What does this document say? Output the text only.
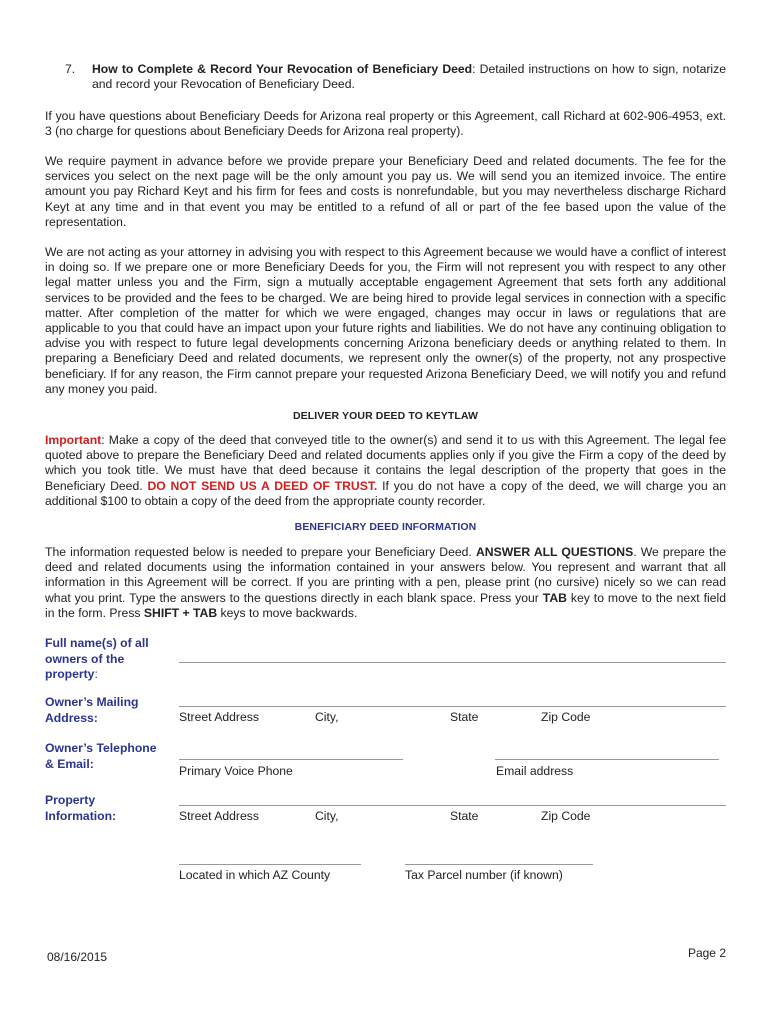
7. How to Complete & Record Your Revocation of Beneficiary Deed: Detailed instructions on how to sign, notarize and record your Revocation of Beneficiary Deed.

If you have questions about Beneficiary Deeds for Arizona real property or this Agreement, call Richard at 602-906-4953, ext. 3 (no charge for questions about Beneficiary Deeds for Arizona real property).

We require payment in advance before we provide prepare your Beneficiary Deed and related documents. The fee for the services you select on the next page will be the only amount you pay us. We will send you an itemized invoice. The entire amount you pay Richard Keyt and his firm for fees and costs is nonrefundable, but you may nevertheless discharge Richard Keyt at any time and in that event you may be entitled to a refund of all or part of the fee based upon the value of the representation.

We are not acting as your attorney in advising you with respect to this Agreement because we would have a conflict of interest in doing so. If we prepare one or more Beneficiary Deeds for you, the Firm will not represent you with respect to any other legal matter unless you and the Firm, sign a mutually acceptable engagement Agreement that sets forth any additional services to be provided and the fees to be charged. We are being hired to provide legal services in connection with a specific matter. After completion of the matter for which we were engaged, changes may occur in laws or regulations that are applicable to you that could have an impact upon your future rights and liabilities. We do not have any continuing obligation to advise you with respect to future legal developments concerning Arizona beneficiary deeds or anything related to them. In preparing a Beneficiary Deed and related documents, we represent only the owner(s) of the property, not any prospective beneficiary. If for any reason, the Firm cannot prepare your requested Arizona Beneficiary Deed, we will notify you and refund any money you paid.

DELIVER YOUR DEED TO KEYTLAW

Important: Make a copy of the deed that conveyed title to the owner(s) and send it to us with this Agreement. The legal fee quoted above to prepare the Beneficiary Deed and related documents applies only if you give the Firm a copy of the deed by which you took title. We must have that deed because it contains the legal description of the property that goes in the Beneficiary Deed. DO NOT SEND US A DEED OF TRUST. If you do not have a copy of the deed, we will charge you an additional $100 to obtain a copy of the deed from the appropriate county recorder.

BENEFICIARY DEED INFORMATION

The information requested below is needed to prepare your Beneficiary Deed. ANSWER ALL QUESTIONS. We prepare the deed and related documents using the information contained in your answers below. You represent and warrant that all information in this Agreement will be correct. If you are printing with a pen, please print (no cursive) nicely so we can read what you print. Type the answers to the questions directly in each blank space. Press your TAB key to move to the next field in the form. Press SHIFT + TAB keys to move backwards.

Full name(s) of all owners of the property:
Owner’s Mailing Address:	Street Address	City,	State	Zip Code
Owner’s Telephone & Email:
Primary Voice Phone	Email address
Property Information:	Street Address	City,	State	Zip Code
Located in which AZ County	Tax Parcel number (if known)
08/16/2015	Page 2
